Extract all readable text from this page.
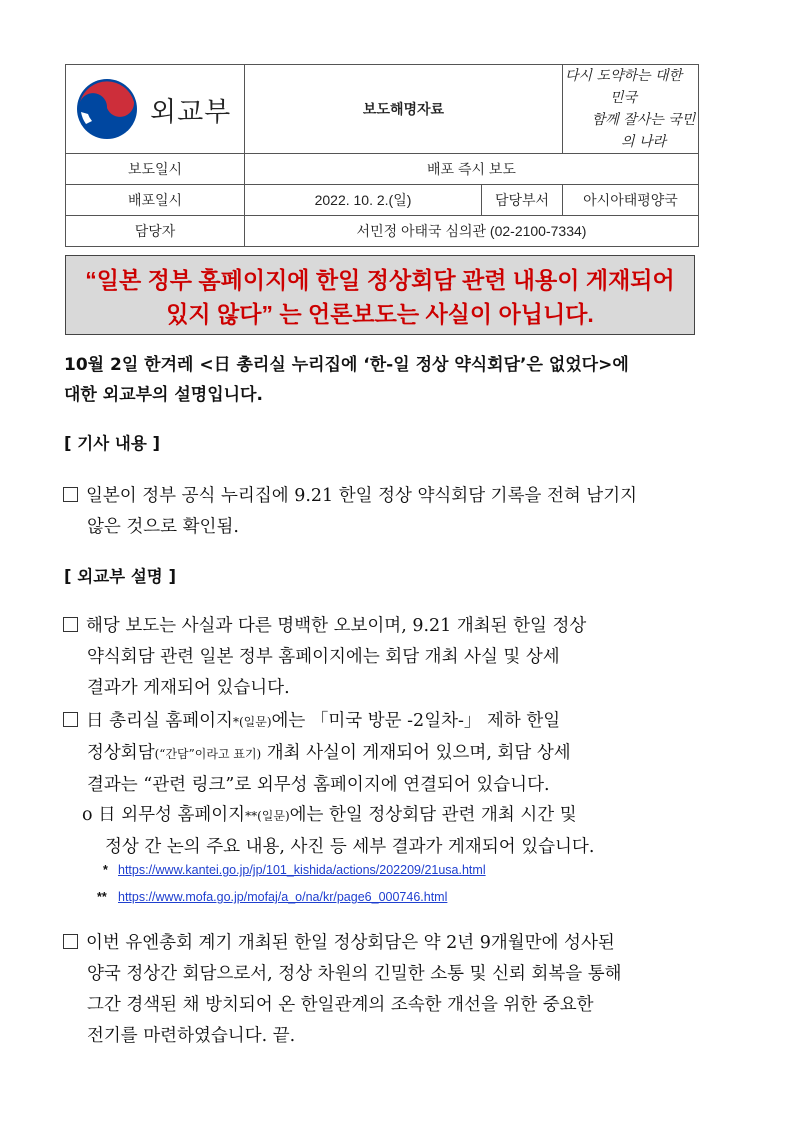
외교부	보도해명자료		다시 도약하는 대한민국
함께 잘사는 국민의 나라

보도일시	배포 즉시 보도		
배포일시	2022. 10. 2.(일)	담당부서	아시아태평양국
담당자	서민정 아태국 심의관 (02-2100-7334)		
“일본 정부 홈페이지에 한일 정상회담 관련 내용이 게재되어
있지 않다” 는 언론보도는 사실이 아닙니다.
10월 2일 한겨레 <日 총리실 누리집에 ‘한-일 정상 약식회담’은 없었다>에
대한 외교부의 설명입니다.
[ 기사 내용 ]
일본이 정부 공식 누리집에 9.21 한일 정상 약식회담 기록을 전혀 남기지
않은 것으로 확인됨.
[ 외교부 설명 ]
해당 보도는 사실과 다른 명백한 오보이며, 9.21 개최된 한일 정상
약식회담 관련 일본 정부 홈페이지에는 회담 개최 사실 및 상세
결과가 게재되어 있습니다.
日 총리실 홈페이지*(일문)에는 「미국 방문 -2일차-」 제하 한일
정상회담(“간담”이라고 표기) 개최 사실이 게재되어 있으며, 회담 상세
결과는 “관련 링크”로 외무성 홈페이지에 연결되어 있습니다.
o 日 외무성 홈페이지**(일문)에는 한일 정상회담 관련 개최 시간 및
정상 간 논의 주요 내용, 사진 등 세부 결과가 게재되어 있습니다.
* https://www.kantei.go.jp/jp/101_kishida/actions/202209/21usa.html
** https://www.mofa.go.jp/mofaj/a_o/na/kr/page6_000746.html
이번 유엔총회 계기 개최된 한일 정상회담은 약 2년 9개월만에 성사된
양국 정상간 회담으로서, 정상 차원의 긴밀한 소통 및 신뢰 회복을 통해
그간 경색된 채 방치되어 온 한일관계의 조속한 개선을 위한 중요한
전기를 마련하였습니다. 끝.
